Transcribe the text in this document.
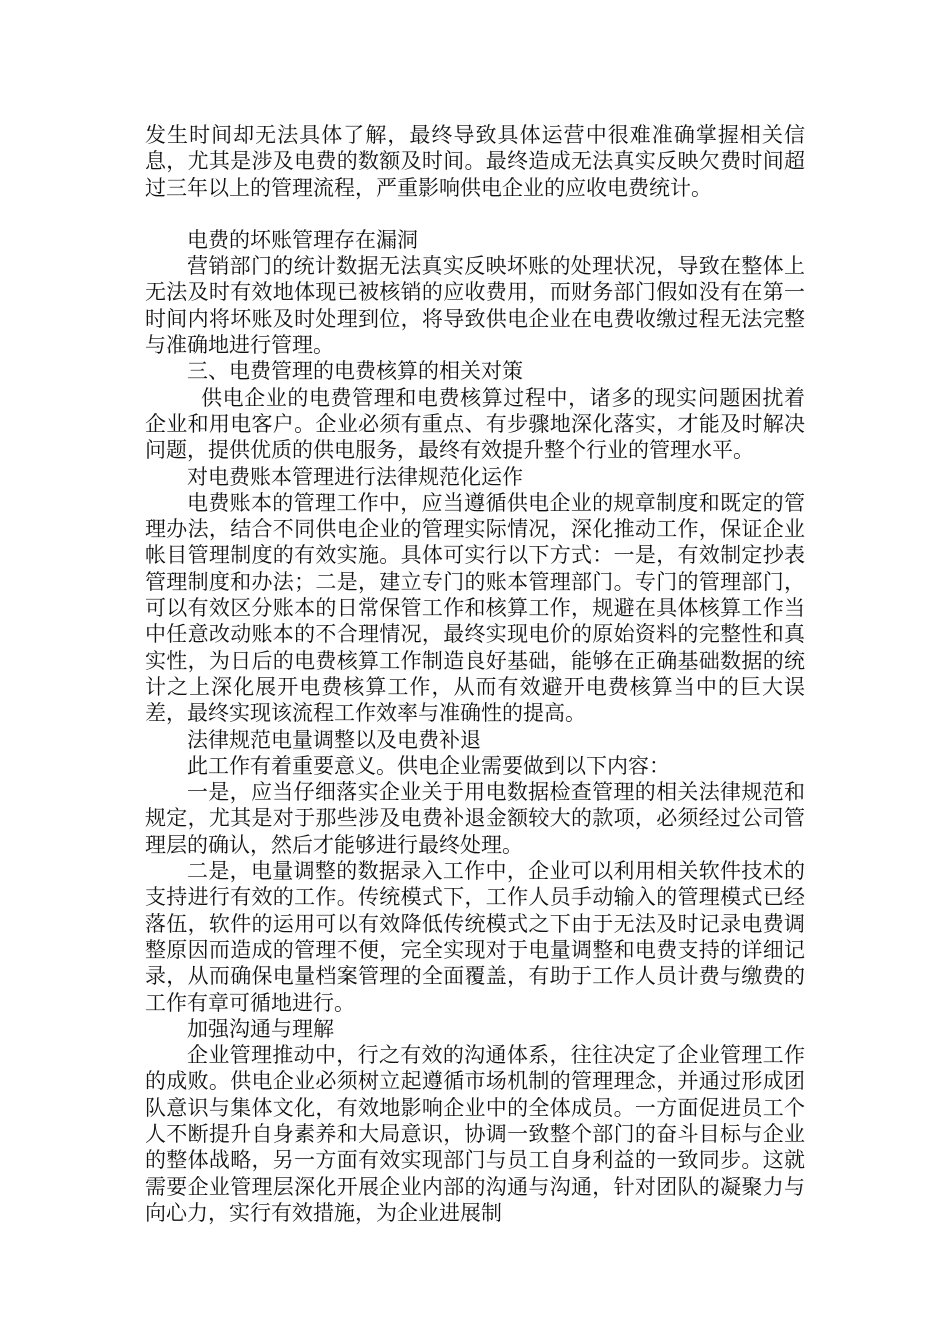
发生时间却无法具体了解，最终导致具体运营中很难准确掌握相关信息，尤其是涉及电费的数额及时间。最终造成无法真实反映欠费时间超过三年以上的管理流程，严重影响供电企业的应收电费统计。

电费的坏账管理存在漏洞

营销部门的统计数据无法真实反映坏账的处理状况，导致在整体上无法及时有效地体现已被核销的应收费用，而财务部门假如没有在第一时间内将坏账及时处理到位，将导致供电企业在电费收缴过程无法完整与准确地进行管理。

三、电费管理的电费核算的相关对策

供电企业的电费管理和电费核算过程中，诸多的现实问题困扰着企业和用电客户。企业必须有重点、有步骤地深化落实，才能及时解决问题，提供优质的供电服务，最终有效提升整个行业的管理水平。

对电费账本管理进行法律规范化运作

电费账本的管理工作中，应当遵循供电企业的规章制度和既定的管理办法，结合不同供电企业的管理实际情况，深化推动工作，保证企业帐目管理制度的有效实施。具体可实行以下方式：一是，有效制定抄表管理制度和办法；二是，建立专门的账本管理部门。专门的管理部门，可以有效区分账本的日常保管工作和核算工作，规避在具体核算工作当中任意改动账本的不合理情况，最终实现电价的原始资料的完整性和真实性，为日后的电费核算工作制造良好基础，能够在正确基础数据的统计之上深化展开电费核算工作，从而有效避开电费核算当中的巨大误差，最终实现该流程工作效率与准确性的提高。

法律规范电量调整以及电费补退

此工作有着重要意义。供电企业需要做到以下内容：

一是，应当仔细落实企业关于用电数据检查管理的相关法律规范和规定，尤其是对于那些涉及电费补退金额较大的款项，必须经过公司管理层的确认，然后才能够进行最终处理。

二是，电量调整的数据录入工作中，企业可以利用相关软件技术的支持进行有效的工作。传统模式下，工作人员手动输入的管理模式已经落伍，软件的运用可以有效降低传统模式之下由于无法及时记录电费调整原因而造成的管理不便，完全实现对于电量调整和电费支持的详细记录，从而确保电量档案管理的全面覆盖，有助于工作人员计费与缴费的工作有章可循地进行。

加强沟通与理解

企业管理推动中，行之有效的沟通体系，往往决定了企业管理工作的成败。供电企业必须树立起遵循市场机制的管理理念，并通过形成团队意识与集体文化，有效地影响企业中的全体成员。一方面促进员工个人不断提升自身素养和大局意识，协调一致整个部门的奋斗目标与企业的整体战略，另一方面有效实现部门与员工自身利益的一致同步。这就需要企业管理层深化开展企业内部的沟通与沟通，针对团队的凝聚力与向心力，实行有效措施，为企业进展制
